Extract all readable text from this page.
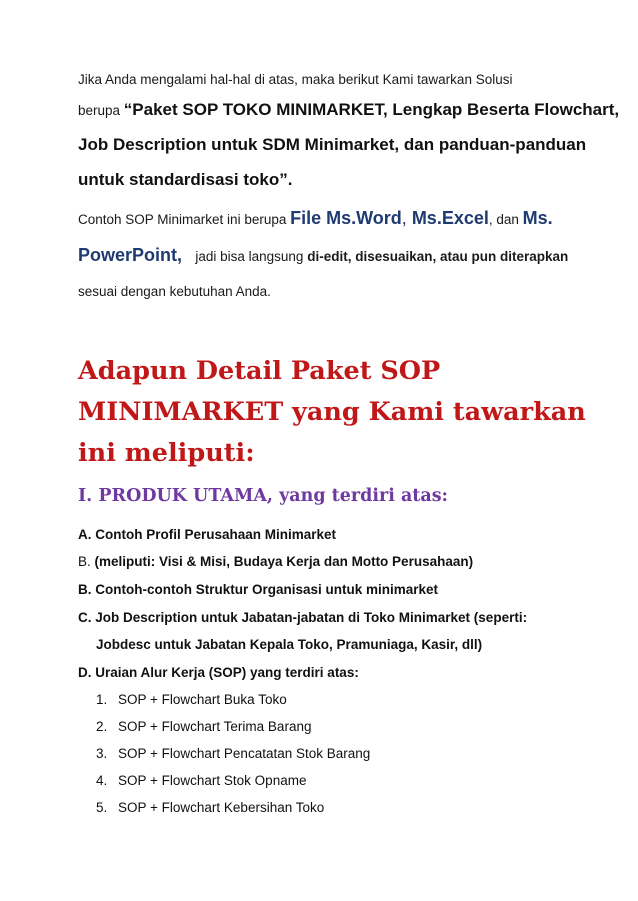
Jika Anda mengalami hal-hal di atas, maka berikut Kami tawarkan Solusi

berupa “Paket SOP TOKO MINIMARKET, Lengkap Beserta Flowchart,

Job Description untuk SDM Minimarket, dan panduan-panduan

untuk standardisasi toko”.

Contoh SOP Minimarket ini berupa File Ms.Word, Ms.Excel, dan Ms.

PowerPoint, jadi bisa langsung di-edit, disesuaikan, atau pun diterapkan

sesuai dengan kebutuhan Anda.

Adapun Detail Paket SOP

MINIMARKET yang Kami tawarkan

ini meliputi:

I. PRODUK UTAMA, yang terdiri atas:

A. Contoh Profil Perusahaan Minimarket

B. (meliputi: Visi & Misi, Budaya Kerja dan Motto Perusahaan)

B. Contoh-contoh Struktur Organisasi untuk minimarket

C. Job Description untuk Jabatan-jabatan di Toko Minimarket (seperti:

Jobdesc untuk Jabatan Kepala Toko, Pramuniaga, Kasir, dll)

D. Uraian Alur Kerja (SOP) yang terdiri atas:

1. SOP + Flowchart Buka Toko

2. SOP + Flowchart Terima Barang

3. SOP + Flowchart Pencatatan Stok Barang

4. SOP + Flowchart Stok Opname

5. SOP + Flowchart Kebersihan Toko
